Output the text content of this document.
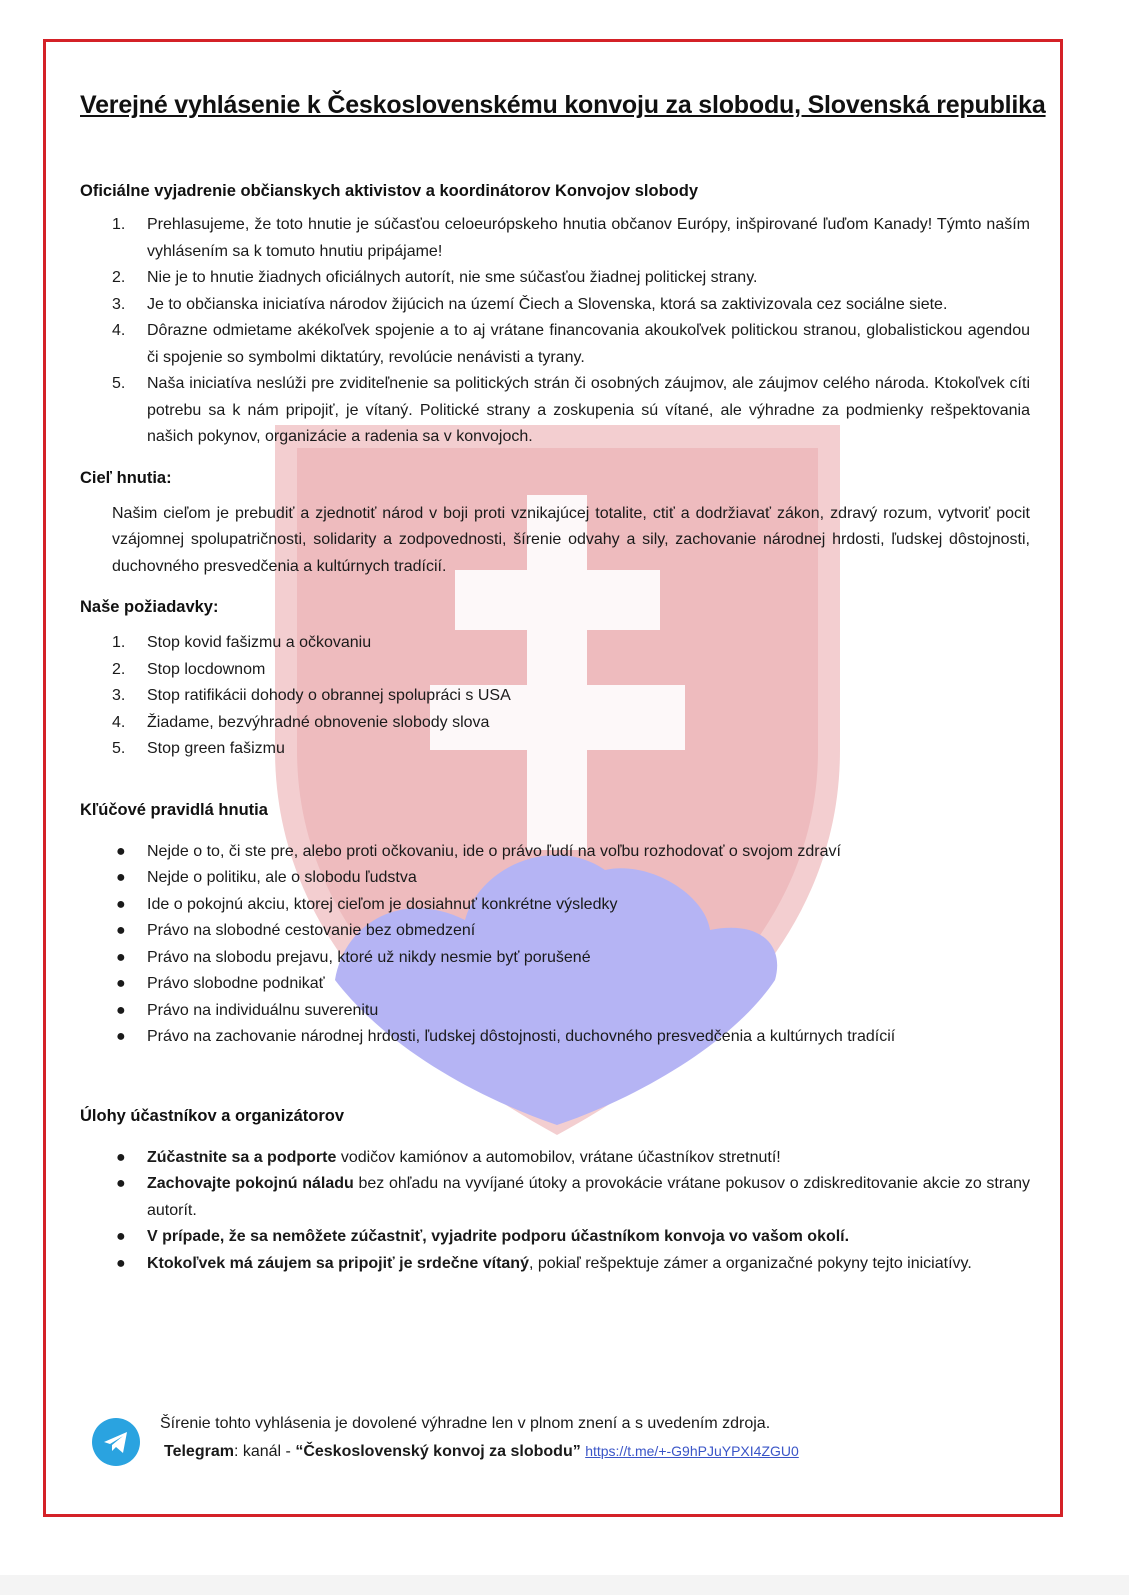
Verejné vyhlásenie k Československému konvoju za slobodu, Slovenská republika
Oficiálne vyjadrenie občianskych aktivistov a koordinátorov Konvojov slobody
1. Prehlasujeme, že toto hnutie je súčasťou celoeurópskeho hnutia občanov Európy, inšpirované ľuďom Kanady! Týmto naším vyhlásením sa k tomuto hnutiu pripájame!
2. Nie je to hnutie žiadnych oficiálnych autorít, nie sme súčasťou žiadnej politickej strany.
3. Je to občianska iniciatíva národov žijúcich na území Čiech a Slovenska, ktorá sa zaktivizovala cez sociálne siete.
4. Dôrazne odmietame akékoľvek spojenie a to aj vrátane financovania akoukoľvek politickou stranou, globalistickou agendou či spojenie so symbolmi diktatúry, revolúcie nenávisti a tyrany.
5. Naša iniciatíva neslúži pre zviditeľnenie sa politických strán či osobných záujmov, ale záujmov celého národa. Ktokoľvek cíti potrebu sa k nám pripojiť, je vítaný. Politické strany a zoskupenia sú vítané, ale výhradne za podmienky rešpektovania našich pokynov, organizácie a radenia sa v konvojoch.
Cieľ hnutia:

Našim cieľom je prebudiť a zjednotiť národ v boji proti vznikajúcej totalite, ctiť a dodržiavať zákon, zdravý rozum, vytvoriť pocit vzájomnej spolupatričnosti, solidarity a zodpovednosti, šírenie odvahy a sily, zachovanie národnej hrdosti, ľudskej dôstojnosti, duchovného presvedčenia a kultúrnych tradícií.

Naše požiadavky:
1. Stop kovid fašizmu a očkovaniu
2. Stop locdownom
3. Stop ratifikácii dohody o obrannej spolupráci s USA
4. Žiadame, bezvýhradné obnovenie slobody slova
5. Stop green fašizmu
Kľúčové pravidlá hnutia
● Nejde o to, či ste pre, alebo proti očkovaniu, ide o právo ľudí na voľbu rozhodovať o svojom zdraví
● Nejde o politiku, ale o slobodu ľudstva
● Ide o pokojnú akciu, ktorej cieľom je dosiahnuť konkrétne výsledky
● Právo na slobodné cestovanie bez obmedzení
● Právo na slobodu prejavu, ktoré už nikdy nesmie byť porušené
● Právo slobodne podnikať
● Právo na individuálnu suverenitu
● Právo na zachovanie národnej hrdosti, ľudskej dôstojnosti, duchovného presvedčenia a kultúrnych tradícií
Úlohy účastníkov a organizátorov
● Zúčastnite sa a podporte vodičov kamiónov a automobilov, vrátane účastníkov stretnutí!
● Zachovajte pokojnú náladu bez ohľadu na vyvíjané útoky a provokácie vrátane pokusov o zdiskreditovanie akcie zo strany autorít.
● V prípade, že sa nemôžete zúčastniť, vyjadrite podporu účastníkom konvoja vo vašom okolí.
● Ktokoľvek má záujem sa pripojiť je srdečne vítaný, pokiaľ rešpektuje zámer a organizačné pokyny tejto iniciatívy.
Šírenie tohto vyhlásenia je dovolené výhradne len v plnom znení a s uvedením zdroja.
Telegram: kanál - “Československý konvoj za slobodu” https://t.me/+-G9hPJuYPXI4ZGU0
